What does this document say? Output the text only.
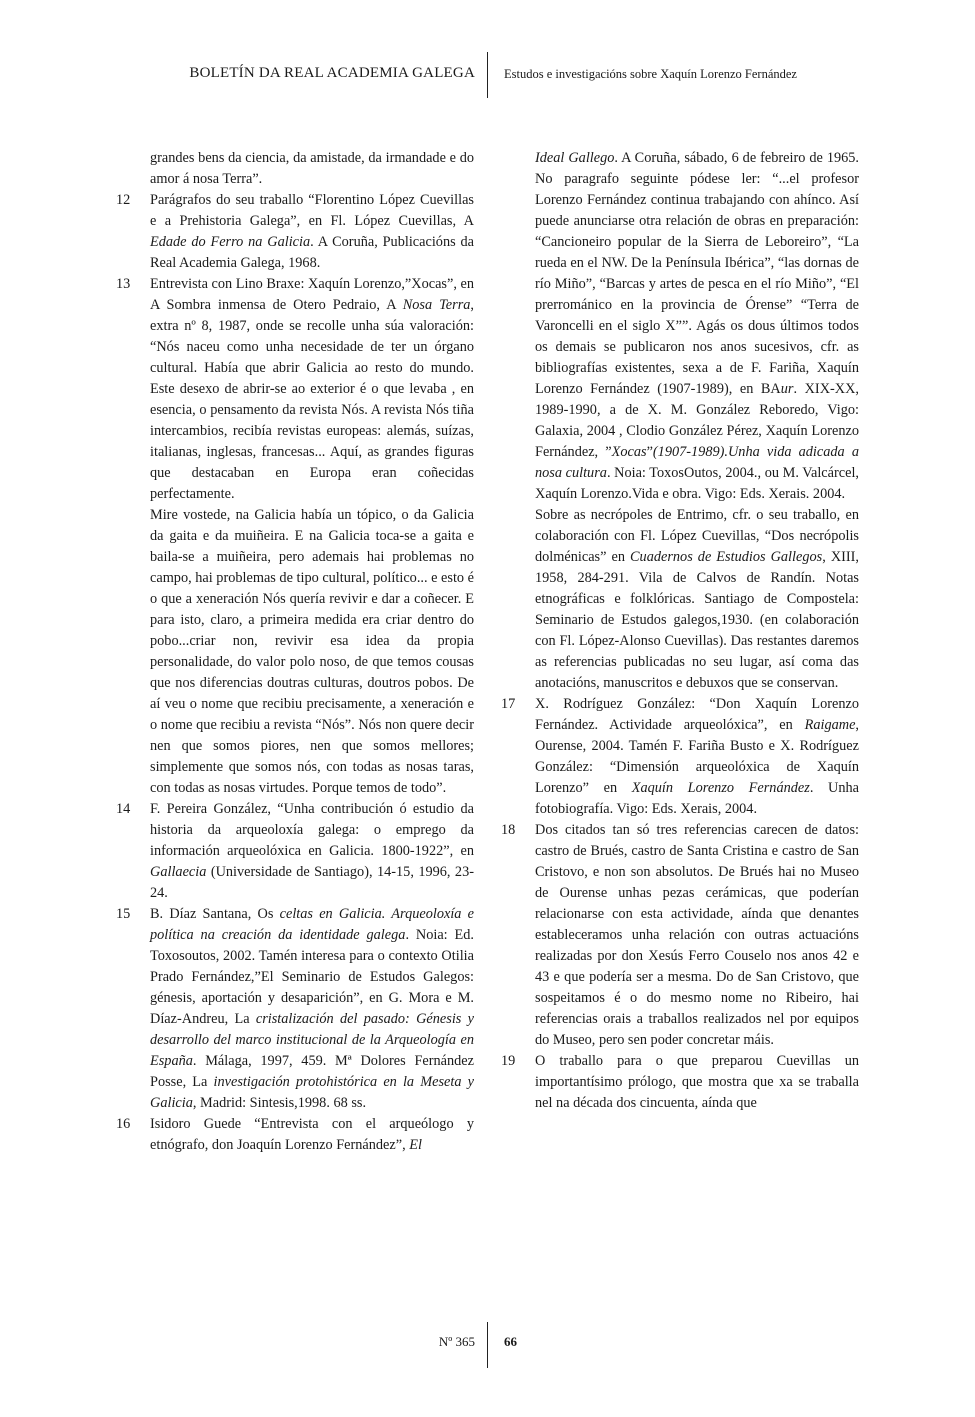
BOLETÍN DA REAL ACADEMIA GALEGA Estudos e investigacións sobre Xaquín Lorenzo Fernández

grandes bens da ciencia, da amistade, da irmandade e do amor á nosa Terra”.

12 Parágrafos do seu traballo “Florentino López Cuevillas e a Prehistoria Galega”, en Fl. López Cuevillas, A Edade do Ferro na Galicia. A Coruña, Publicacións da Real Academia Galega, 1968.

13 Entrevista con Lino Braxe: Xaquín Lorenzo,”Xocas”, en A Sombra inmensa de Otero Pedraio, A Nosa Terra, extra nº 8, 1987, onde se recolle unha súa valoración: “Nós naceu como unha necesidade de ter un órgano cultural. Había que abrir Galicia ao resto do mundo. Este desexo de abrir-se ao exterior é o que levaba , en esencia, o pensamento da revista Nós. A revista Nós tiña intercambios, recibía revistas europeas: alemás, suízas, italianas, inglesas, francesas... Aquí, as grandes figuras que destacaban en Europa eran coñecidas perfectamente.

Mire vostede, na Galicia había un tópico, o da Galicia da gaita e da muiñeira. E na Galicia toca-se a gaita e baila-se a muiñeira, pero ademais hai problemas no campo, hai problemas de tipo cultural, político... e esto é o que a xeneración Nós quería revivir e dar a coñecer. E para isto, claro, a primeira medida era criar dentro do pobo...criar non, revivir esa idea da propia personalidade, do valor polo noso, de que temos cousas que nos diferencias doutras culturas, doutros pobos. De aí veu o nome que recibiu precisamente, a xeneración e o nome que recibiu a revista “Nós”. Nós non quere decir nen que somos piores, nen que somos mellores; simplemente que somos nós, con todas as nosas taras, con todas as nosas virtudes. Porque temos de todo”.

14 F. Pereira González, “Unha contribución ó estudio da historia da arqueoloxía galega: o emprego da información arqueolóxica en Galicia. 1800-1922”, en Gallaecia (Universidade de Santiago), 14-15, 1996, 23-24.

15 B. Díaz Santana, Os celtas en Galicia. Arqueoloxía e política na creación da identidade galega. Noia: Ed. Toxosoutos, 2002. Tamén interesa para o contexto Otilia Prado Fernández,”El Seminario de Estudos Galegos: génesis, aportación y desaparición”, en G. Mora e M. Díaz-Andreu, La cristalización del pasado: Génesis y desarrollo del marco institucional de la Arqueología en España. Málaga, 1997, 459. Mª Dolores Fernández Posse, La investigación protohistórica en la Meseta y Galicia, Madrid: Sintesis,1998. 68 ss.

16 Isidoro Guede “Entrevista con el arqueólogo y etnógrafo, don Joaquín Lorenzo Fernández”, El

Ideal Gallego. A Coruña, sábado, 6 de febreiro de 1965. No paragrafo seguinte pódese ler: “...el profesor Lorenzo Fernández continua trabajando con ahínco. Así puede anunciarse otra relación de obras en preparación: “Cancioneiro popular de la Sierra de Leboreiro”, “La rueda en el NW. De la Península Ibérica”, “las dornas de río Miño”, “Barcas y artes de pesca en el río Miño”, “El prerrománico en la provincia de Órense” “Terra de Varoncelli en el siglo X””. Agás os dous últimos todos os demais se publicaron nos anos sucesivos, cfr. as bibliografías existentes, sexa a de F. Fariña, Xaquín Lorenzo Fernández (1907-1989), en BAur. XIX-XX, 1989-1990, a de X. M. González Reboredo, Vigo: Galaxia, 2004 , Clodio González Pérez, Xaquín Lorenzo Fernández, ”Xocas”(1907-1989).Unha vida adicada a nosa cultura. Noia: ToxosOutos, 2004., ou M. Valcárcel, Xaquín Lorenzo.Vida e obra. Vigo: Eds. Xerais. 2004.

Sobre as necrópoles de Entrimo, cfr. o seu traballo, en colaboración con Fl. López Cuevillas, “Dos necrópolis dolménicas” en Cuadernos de Estudios Gallegos, XIII, 1958, 284-291. Vila de Calvos de Randín. Notas etnográficas e folklóricas. Santiago de Compostela: Seminario de Estudos galegos,1930. (en colaboración con Fl. López-Alonso Cuevillas). Das restantes daremos as referencias publicadas no seu lugar, así coma das anotacións, manuscritos e debuxos que se conservan.

17 X. Rodríguez González: “Don Xaquín Lorenzo Fernández. Actividade arqueolóxica”, en Raigame, Ourense, 2004. Tamén F. Fariña Busto e X. Rodríguez González: “Dimensión arqueolóxica de Xaquín Lorenzo” en Xaquín Lorenzo Fernández. Unha fotobiografía. Vigo: Eds. Xerais, 2004.

18 Dos citados tan só tres referencias carecen de datos: castro de Brués, castro de Santa Cristina e castro de San Cristovo, e non son absolutos. De Brués hai no Museo de Ourense unhas pezas cerámicas, que poderían relacionarse con esta actividade, aínda que denantes estableceramos unha relación con outras actuacións realizadas por don Xesús Ferro Couselo nos anos 42 e 43 e que podería ser a mesma. Do de San Cristovo, que sospeitamos é o do mesmo nome no Ribeiro, hai referencias orais a traballos realizados nel por equipos do Museo, pero sen poder concretar máis.

19 O traballo para o que preparou Cuevillas un importantísimo prólogo, que mostra que xa se traballa nel na década dos cincuenta, aínda que

Nº 365 66
